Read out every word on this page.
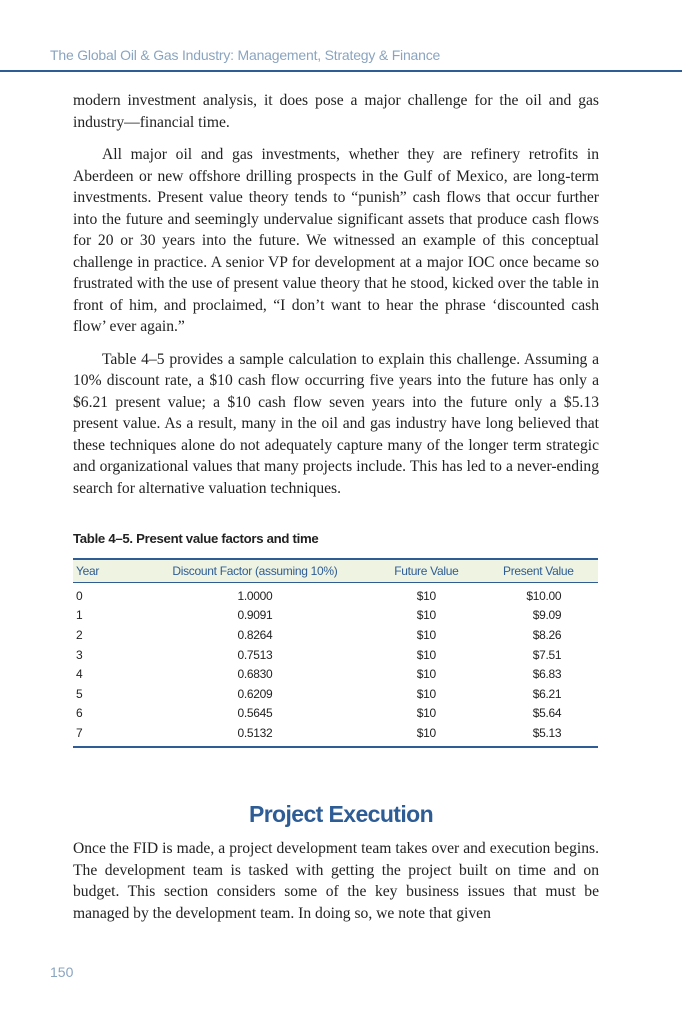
The Global Oil & Gas Industry: Management, Strategy & Finance

modern investment analysis, it does pose a major challenge for the oil and gas industry—financial time.

All major oil and gas investments, whether they are refinery retrofits in Aberdeen or new offshore drilling prospects in the Gulf of Mexico, are long-term investments. Present value theory tends to “punish” cash flows that occur further into the future and seemingly undervalue significant assets that produce cash flows for 20 or 30 years into the future. We witnessed an example of this conceptual challenge in practice. A senior VP for development at a major IOC once became so frustrated with the use of present value theory that he stood, kicked over the table in front of him, and proclaimed, “I don’t want to hear the phrase ‘discounted cash flow’ ever again.”

Table 4–5 provides a sample calculation to explain this challenge. Assuming a 10% discount rate, a $10 cash flow occurring five years into the future has only a $6.21 present value; a $10 cash flow seven years into the future only a $5.13 present value. As a result, many in the oil and gas industry have long believed that these techniques alone do not adequately capture many of the longer term strategic and organizational values that many projects include. This has led to a never-ending search for alternative valuation techniques.

Table 4–5. Present value factors and time
Year	Discount Factor (assuming 10%)	Future Value	Present Value
0	1.0000	$10	$10.00
1	0.9091	$10	$9.09
2	0.8264	$10	$8.26
3	0.7513	$10	$7.51
4	0.6830	$10	$6.83
5	0.6209	$10	$6.21
6	0.5645	$10	$5.64
7	0.5132	$10	$5.13
Project Execution

Once the FID is made, a project development team takes over and execution begins. The development team is tasked with getting the project built on time and on budget. This section considers some of the key business issues that must be managed by the development team. In doing so, we note that given

150
